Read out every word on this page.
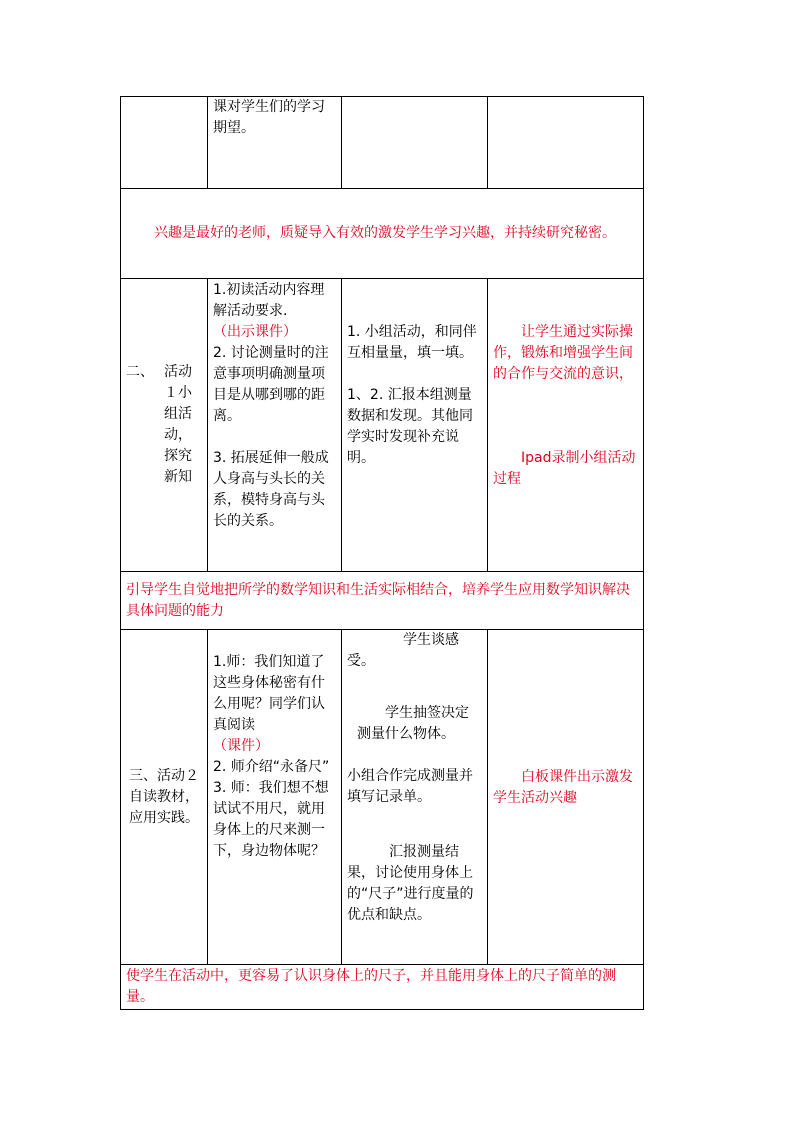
	课对学生们的学习期望。		

兴趣是最好的老师，质疑导入有效的激发学生学习兴趣，并持续研究秘密。			

二、 活动１小组活动，探究新知	1.初读活动内容理解活动要求.
（出示课件）
2. 讨论测量时的注意事项明确测量项目是从哪到哪的距离。
3. 拓展延伸一般成人身高与头长的关系，模特身高与头长的关系。	1. 小组活动，和同伴互相量量，填一填。
1、2. 汇报本组测量数据和发现。其他同学实时发现补充说明。	让学生通过实际操作，锻炼和增强学生间的合作与交流的意识，
Ipad录制小组活动过程

引导学生自觉地把所学的数学知识和生活实际相结合，培养学生应用数学知识解决具体问题的能力			

三、活动２自读教材，应用实践。	1.师：我们知道了这些身体秘密有什么用呢？同学们认真阅读
（课件）
2. 师介绍“永备尺”
3. 师：我们想不想试试不用尺，就用身体上的尺来测一下，身边物体呢？	学生谈感受。
学生抽签决定测量什么物体。
小组合作完成测量并填写记录单。
汇报测量结果，讨论使用身体上的“尺子”进行度量的优点和缺点。	白板课件出示激发学生活动兴趣

使学生在活动中，更容易了认识身体上的尺子，并且能用身体上的尺子简单的测量。			
